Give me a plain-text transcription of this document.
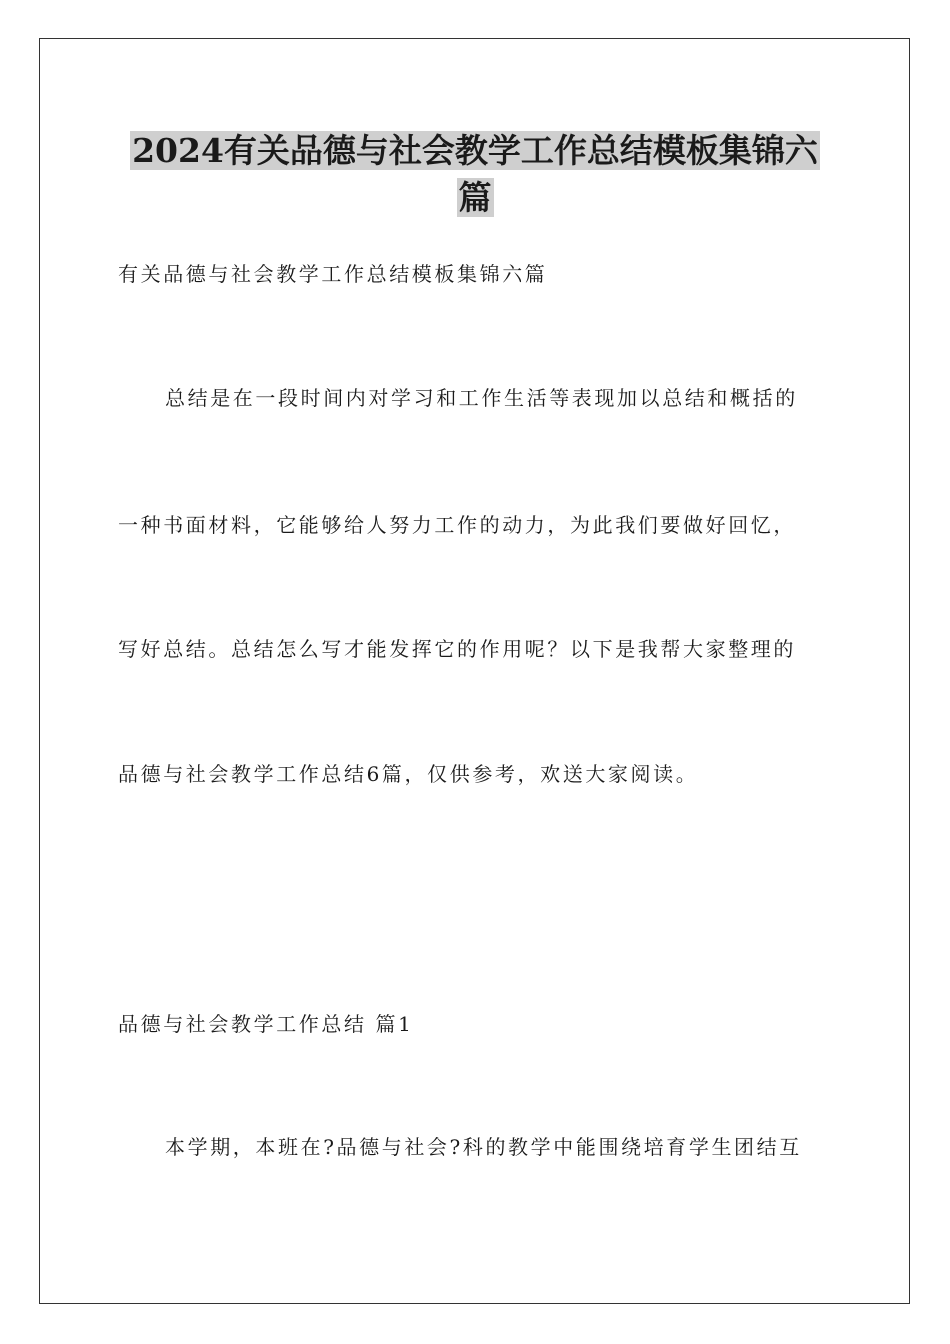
2024有关品德与社会教学工作总结模板集锦六
篇
有关品德与社会教学工作总结模板集锦六篇
总结是在一段时间内对学习和工作生活等表现加以总结和概括的
一种书面材料，它能够给人努力工作的动力，为此我们要做好回忆，
写好总结。总结怎么写才能发挥它的作用呢？以下是我帮大家整理的
品德与社会教学工作总结6篇，仅供参考，欢送大家阅读。
品德与社会教学工作总结 篇1
本学期，本班在?品德与社会?科的教学中能围绕培育学生团结互
